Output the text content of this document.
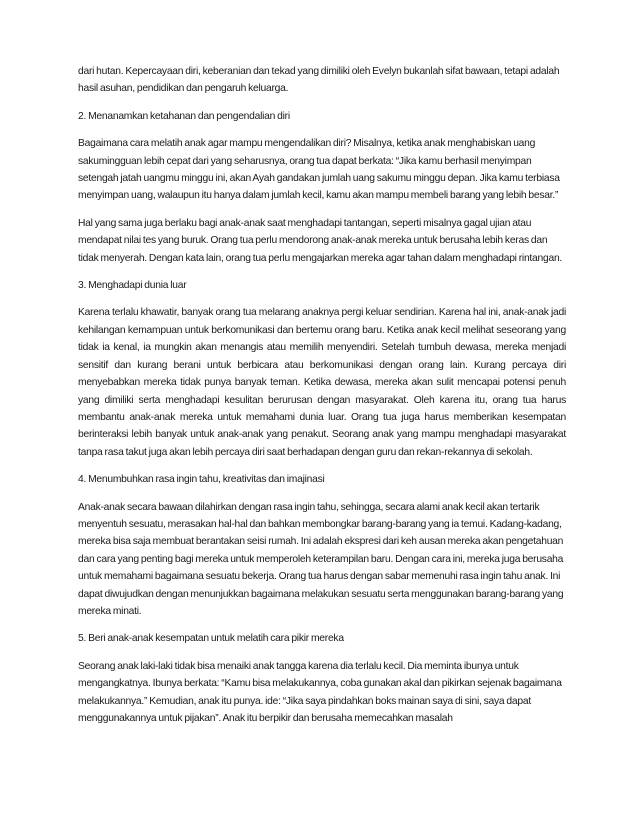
dari hutan. Kepercayaan diri, keberanian dan tekad yang dimiliki oleh Evelyn bukanlah sifat bawaan, tetapi adalah hasil asuhan, pendidikan dan pengaruh keluarga.

2. Menanamkan ketahanan dan pengendalian diri

Bagaimana cara melatih anak agar mampu mengendalikan diri? Misalnya, ketika anak menghabiskan uang sakumingguan lebih cepat dari yang seharusnya, orang tua dapat berkata: “Jika kamu berhasil menyimpan setengah jatah uangmu minggu ini, akan Ayah gandakan jumlah uang sakumu minggu depan. Jika kamu terbiasa menyimpan uang, walaupun itu hanya dalam jumlah kecil, kamu akan mampu membeli barang yang lebih besar.”

Hal yang sama juga berlaku bagi anak-anak saat menghadapi tantangan, seperti misalnya gagal ujian atau mendapat nilai tes yang buruk. Orang tua perlu mendorong anak-anak mereka untuk berusaha lebih keras dan tidak menyerah. Dengan kata lain, orang tua perlu mengajarkan mereka agar tahan dalam menghadapi rintangan.

3. Menghadapi dunia luar

Karena terlalu khawatir, banyak orang tua melarang anaknya pergi keluar sendirian. Karena hal ini, anak-anak jadi kehilangan kemampuan untuk berkomunikasi dan bertemu orang baru. Ketika anak kecil melihat seseorang yang tidak ia kenal, ia mungkin akan menangis atau memilih menyendiri. Setelah tumbuh dewasa, mereka menjadi sensitif dan kurang berani untuk berbicara atau berkomunikasi dengan orang lain. Kurang percaya diri menyebabkan mereka tidak punya banyak teman. Ketika dewasa, mereka akan sulit mencapai potensi penuh yang dimiliki serta menghadapi kesulitan berurusan dengan masyarakat. Oleh karena itu, orang tua harus membantu anak-anak mereka untuk memahami dunia luar. Orang tua juga harus memberikan kesempatan berinteraksi lebih banyak untuk anak-anak yang penakut. Seorang anak yang mampu menghadapi masyarakat tanpa rasa takut juga akan lebih percaya diri saat berhadapan dengan guru dan rekan-rekannya di sekolah.

4. Menumbuhkan rasa ingin tahu, kreativitas dan imajinasi

Anak-anak secara bawaan dilahirkan dengan rasa ingin tahu, sehingga, secara alami anak kecil akan tertarik menyentuh sesuatu, merasakan hal-hal dan bahkan membongkar barang-barang yang ia temui. Kadang-kadang, mereka bisa saja membuat berantakan seisi rumah. Ini adalah ekspresi dari keh ausan mereka akan pengetahuan dan cara yang penting bagi mereka untuk memperoleh keterampilan baru. Dengan cara ini, mereka juga berusaha untuk memahami bagaimana sesuatu bekerja. Orang tua harus dengan sabar memenuhi rasa ingin tahu anak. Ini dapat diwujudkan dengan menunjukkan bagaimana melakukan sesuatu serta menggunakan barang-barang yang mereka minati.

5. Beri anak-anak kesempatan untuk melatih cara pikir mereka

Seorang anak laki-laki tidak bisa menaiki anak tangga karena dia terlalu kecil. Dia meminta ibunya untuk mengangkatnya. Ibunya berkata: “Kamu bisa melakukannya, coba gunakan akal dan pikirkan sejenak bagaimana melakukannya.” Kemudian, anak itu punya. ide: “Jika saya pindahkan boks mainan saya di sini, saya dapat menggunakannya untuk pijakan”. Anak itu berpikir dan berusaha memecahkan masalah
